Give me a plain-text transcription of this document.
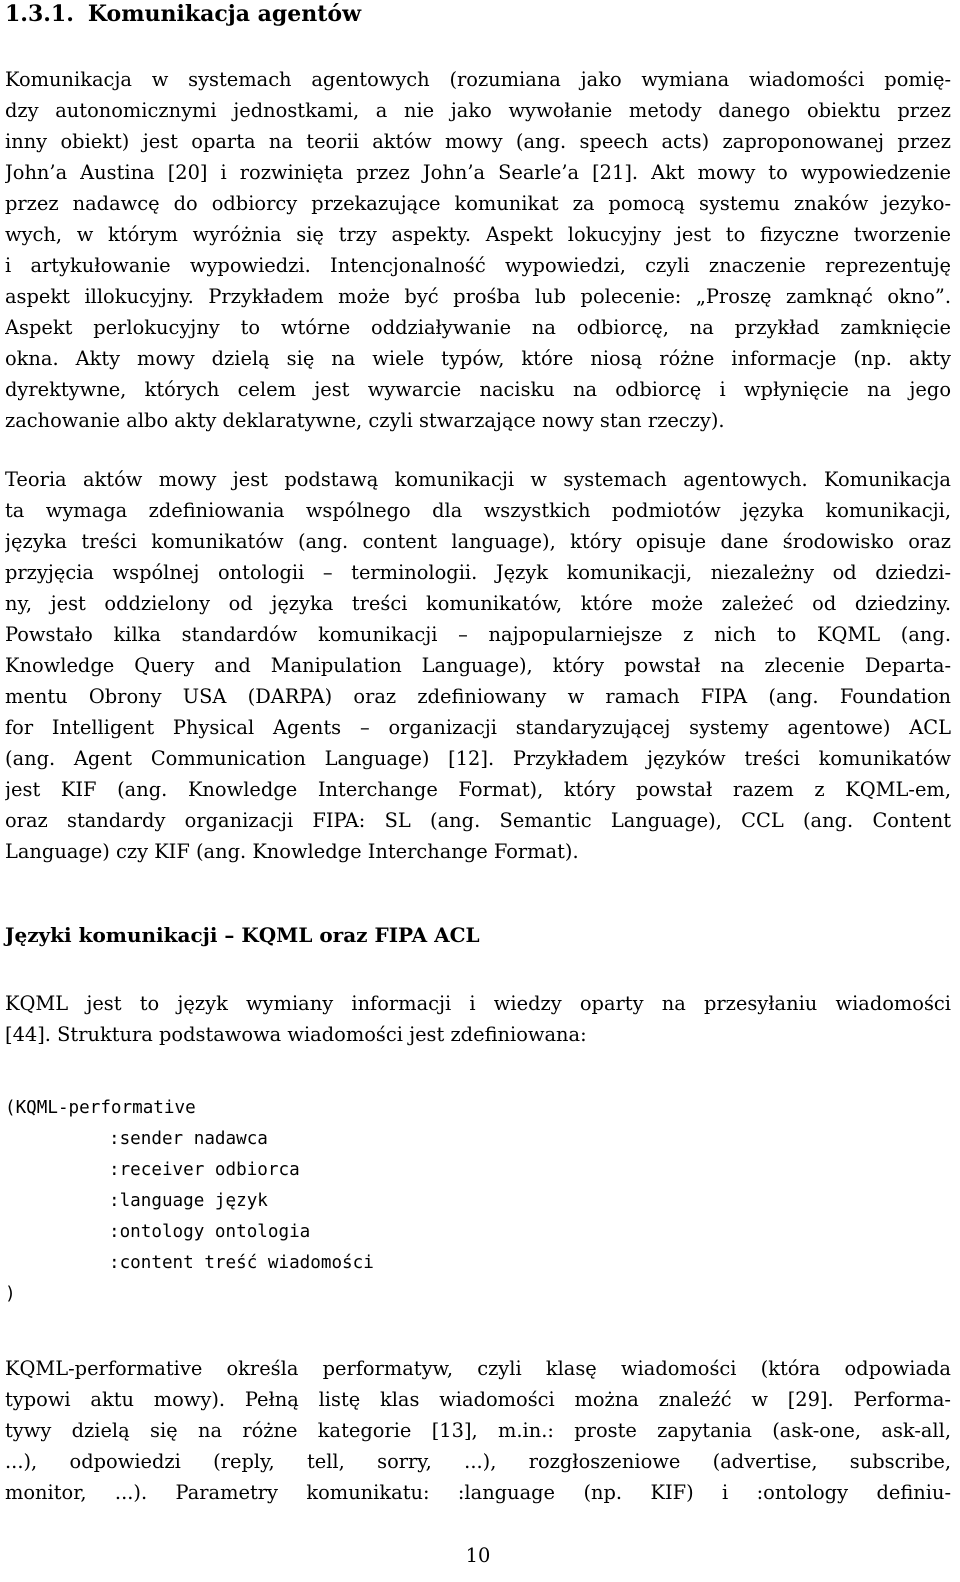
1.3.1. Komunikacja agentów
Komunikacja w systemach agentowych (rozumiana jako wymiana wiadomości pomię-
dzy autonomicznymi jednostkami, a nie jako wywołanie metody danego obiektu przez
inny obiekt) jest oparta na teorii aktów mowy (ang. speech acts) zaproponowanej przez
John’a Austina [20] i rozwinięta przez John’a Searle’a [21]. Akt mowy to wypowiedzenie
przez nadawcę do odbiorcy przekazujące komunikat za pomocą systemu znaków jezyko-
wych, w którym wyróżnia się trzy aspekty. Aspekt lokucyjny jest to fizyczne tworzenie
i artykułowanie wypowiedzi. Intencjonalność wypowiedzi, czyli znaczenie reprezentuję
aspekt illokucyjny. Przykładem może być prośba lub polecenie: „Proszę zamknąć okno”.
Aspekt perlokucyjny to wtórne oddziaływanie na odbiorcę, na przykład zamknięcie
okna. Akty mowy dzielą się na wiele typów, które niosą różne informacje (np. akty
dyrektywne, których celem jest wywarcie nacisku na odbiorcę i wpłynięcie na jego
zachowanie albo akty deklaratywne, czyli stwarzające nowy stan rzeczy).
Teoria aktów mowy jest podstawą komunikacji w systemach agentowych. Komunikacja
ta wymaga zdefiniowania wspólnego dla wszystkich podmiotów języka komunikacji,
języka treści komunikatów (ang. content language), który opisuje dane środowisko oraz
przyjęcia wspólnej ontologii – terminologii. Język komunikacji, niezależny od dziedzi-
ny, jest oddzielony od języka treści komunikatów, które może zależeć od dziedziny.
Powstało kilka standardów komunikacji – najpopularniejsze z nich to KQML (ang.
Knowledge Query and Manipulation Language), który powstał na zlecenie Departa-
mentu Obrony USA (DARPA) oraz zdefiniowany w ramach FIPA (ang. Foundation
for Intelligent Physical Agents – organizacji standaryzującej systemy agentowe) ACL
(ang. Agent Communication Language) [12]. Przykładem języków treści komunikatów
jest KIF (ang. Knowledge Interchange Format), który powstał razem z KQML-em,
oraz standardy organizacji FIPA: SL (ang. Semantic Language), CCL (ang. Content
Language) czy KIF (ang. Knowledge Interchange Format).
Języki komunikacji – KQML oraz FIPA ACL
KQML jest to język wymiany informacji i wiedzy oparty na przesyłaniu wiadomości
[44]. Struktura podstawowa wiadomości jest zdefiniowana:
(KQML-performative
:sender nadawca
:receiver odbiorca
:language język
:ontology ontologia
:content treść wiadomości
)
KQML-performative określa performatyw, czyli klasę wiadomości (która odpowiada
typowi aktu mowy). Pełną listę klas wiadomości można znaleźć w [29]. Performa-
tywy dzielą się na różne kategorie [13], m.in.: proste zapytania (ask-one, ask-all,
...), odpowiedzi (reply, tell, sorry, ...), rozgłoszeniowe (advertise, subscribe,
monitor, ...). Parametry komunikatu: :language (np. KIF) i :ontology definiu-
10
